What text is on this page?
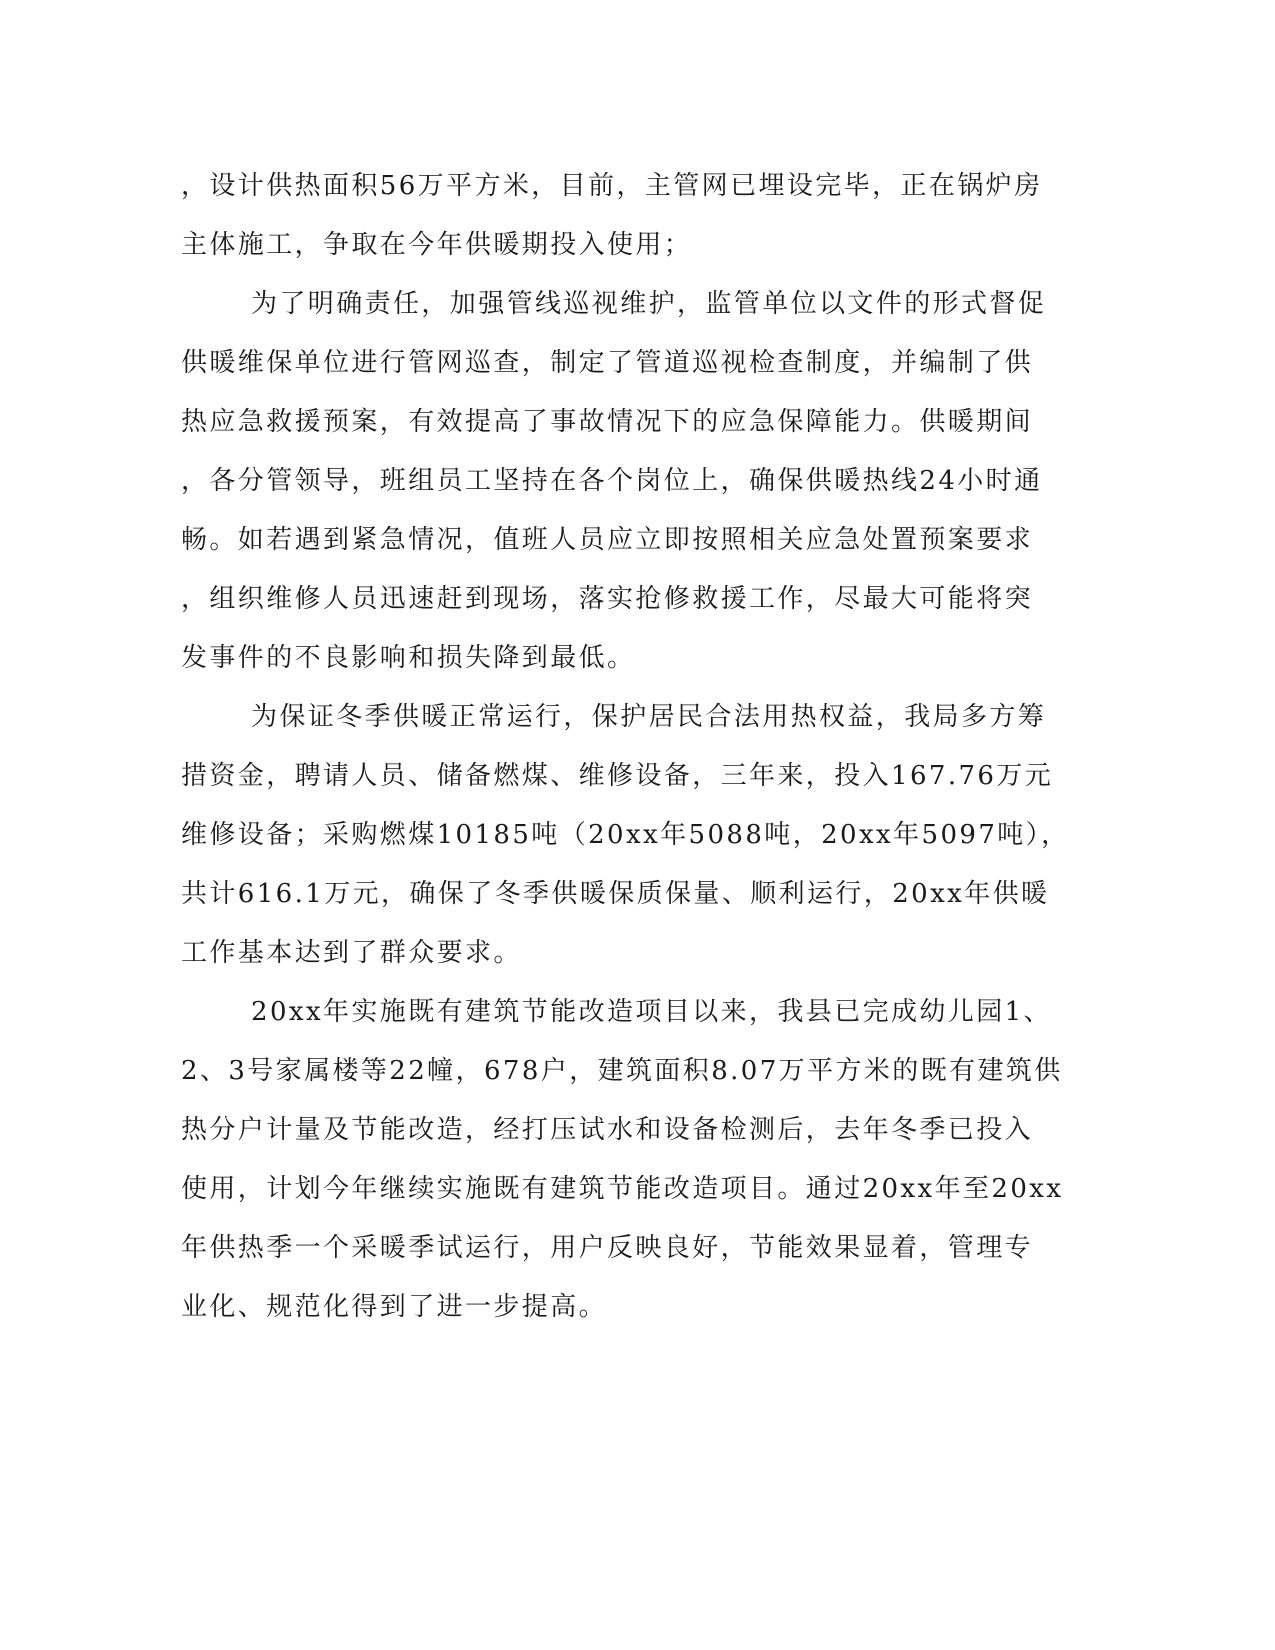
，设计供热面积56万平方米，目前，主管网已埋设完毕，正在锅炉房
主体施工，争取在今年供暖期投入使用；
为了明确责任，加强管线巡视维护，监管单位以文件的形式督促
供暖维保单位进行管网巡查，制定了管道巡视检查制度，并编制了供
热应急救援预案，有效提高了事故情况下的应急保障能力。供暖期间
，各分管领导，班组员工坚持在各个岗位上，确保供暖热线24小时通
畅。如若遇到紧急情况，值班人员应立即按照相关应急处置预案要求
，组织维修人员迅速赶到现场，落实抢修救援工作，尽最大可能将突
发事件的不良影响和损失降到最低。
为保证冬季供暖正常运行，保护居民合法用热权益，我局多方筹
措资金，聘请人员、储备燃煤、维修设备，三年来，投入167.76万元
维修设备；采购燃煤10185吨（20xx年5088吨，20xx年5097吨），
共计616.1万元，确保了冬季供暖保质保量、顺利运行，20xx年供暖
工作基本达到了群众要求。
20xx年实施既有建筑节能改造项目以来，我县已完成幼儿园1、
2、3号家属楼等22幢，678户，建筑面积8.07万平方米的既有建筑供
热分户计量及节能改造，经打压试水和设备检测后，去年冬季已投入
使用，计划今年继续实施既有建筑节能改造项目。通过20xx年至20xx
年供热季一个采暖季试运行，用户反映良好，节能效果显着，管理专
业化、规范化得到了进一步提高。
